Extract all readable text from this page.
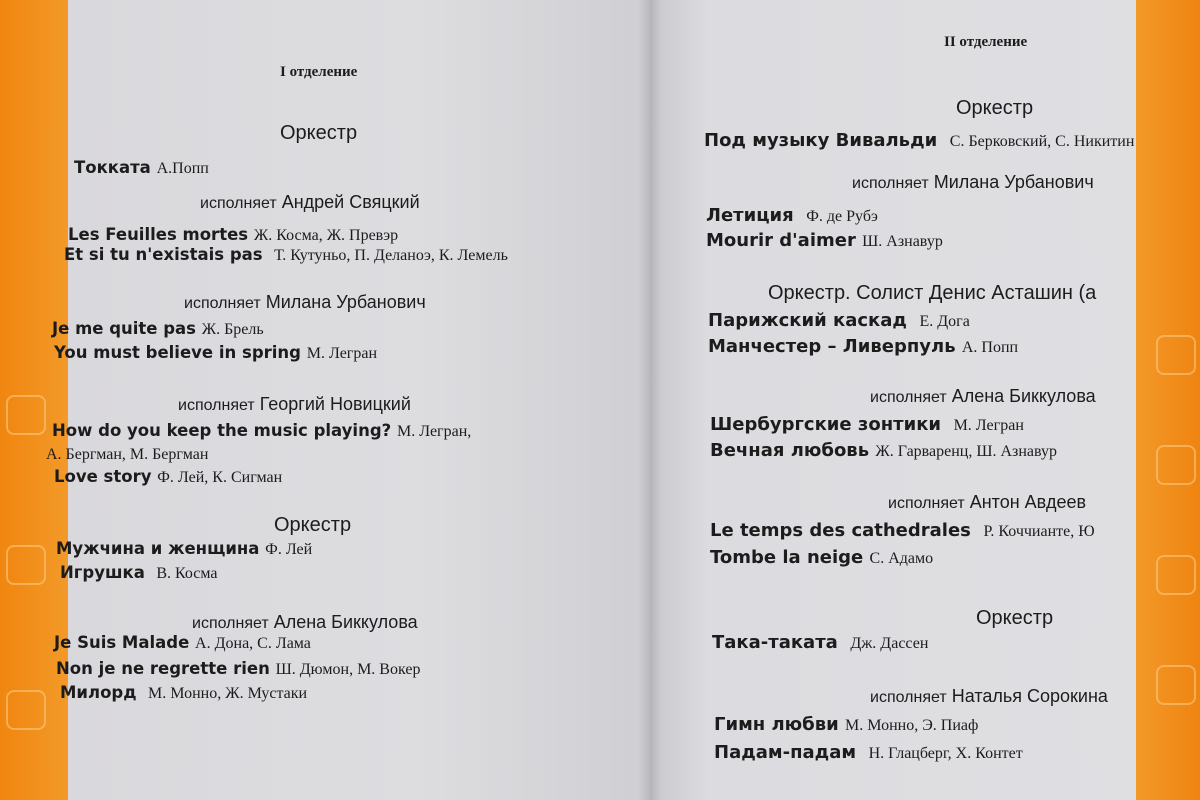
I отделение
Оркестр
Токката А.Попп
исполняет Андрей Свяцкий
Les Feuilles mortes Ж. Косма, Ж. Превэр
Et si tu n'existais pas Т. Кутуньо, П. Деланоэ, К. Лемель
исполняет Милана Урбанович
Je me quite pas Ж. Брель
You must believe in spring М. Легран
исполняет Георгий Новицкий
How do you keep the music playing? М. Легран,
А. Бергман, М. Бергман
Love story Ф. Лей, К. Сигман
Оркестр
Мужчина и женщина Ф. Лей
Игрушка В. Косма
исполняет Алена Биккулова
Je Suis Malade А. Дона, С. Лама
Non je ne regrette rien Ш. Дюмон, М. Вокер
Милорд М. Монно, Ж. Мустаки
II отделение
Оркестр
Под музыку Вивальди С. Берковский, С. Никитин
исполняет Милана Урбанович
Летиция Ф. де Рубэ
Mourir d'aimer Ш. Азнавур
Оркестр. Солист Денис Асташин (а
Парижский каскад Е. Дога
Манчестер – Ливерпуль А. Попп
исполняет Алена Биккулова
Шербургские зонтики М. Легран
Вечная любовь Ж. Гарваренц, Ш. Азнавур
исполняет Антон Авдеев
Le temps des cathedrales Р. Коччианте, Ю
Tombe la neige С. Адамо
Оркестр
Така-таката Дж. Дассен
исполняет Наталья Сорокина
Гимн любви М. Монно, Э. Пиаф
Падам-падам Н. Глацберг, Х. Контет
